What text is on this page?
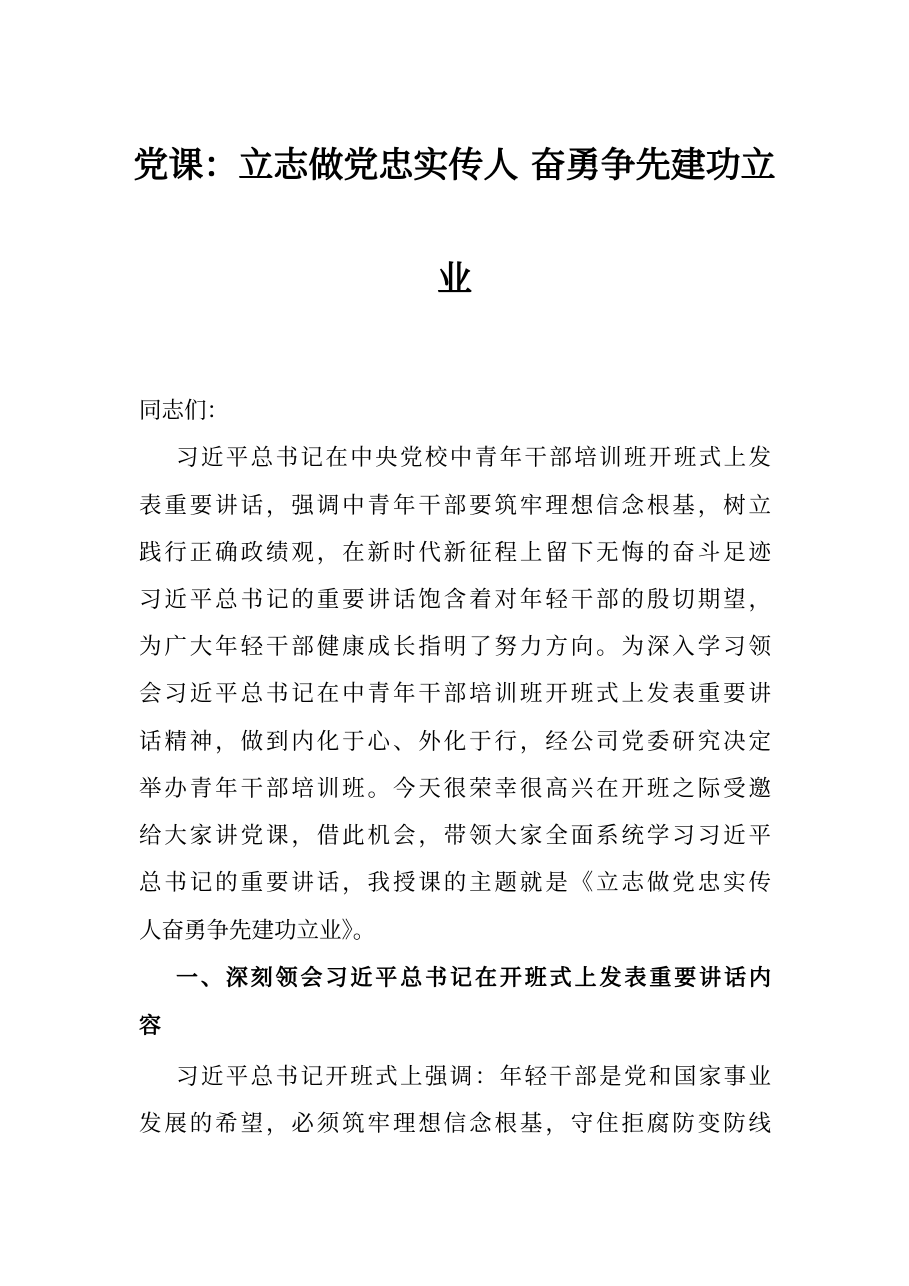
党课：立志做党忠实传人 奋勇争先建功立
业
同志们：
习近平总书记在中央党校中青年干部培训班开班式上发
表重要讲话，强调中青年干部要筑牢理想信念根基，树立
践行正确政绩观，在新时代新征程上留下无悔的奋斗足迹
习近平总书记的重要讲话饱含着对年轻干部的殷切期望，
为广大年轻干部健康成长指明了努力方向。为深入学习领
会习近平总书记在中青年干部培训班开班式上发表重要讲
话精神，做到内化于心、外化于行，经公司党委研究决定
举办青年干部培训班。今天很荣幸很高兴在开班之际受邀
给大家讲党课，借此机会，带领大家全面系统学习习近平
总书记的重要讲话，我授课的主题就是《立志做党忠实传
人奋勇争先建功立业》。
一、深刻领会习近平总书记在开班式上发表重要讲话内
容
习近平总书记开班式上强调：年轻干部是党和国家事业
发展的希望，必须筑牢理想信念根基，守住拒腐防变防线
